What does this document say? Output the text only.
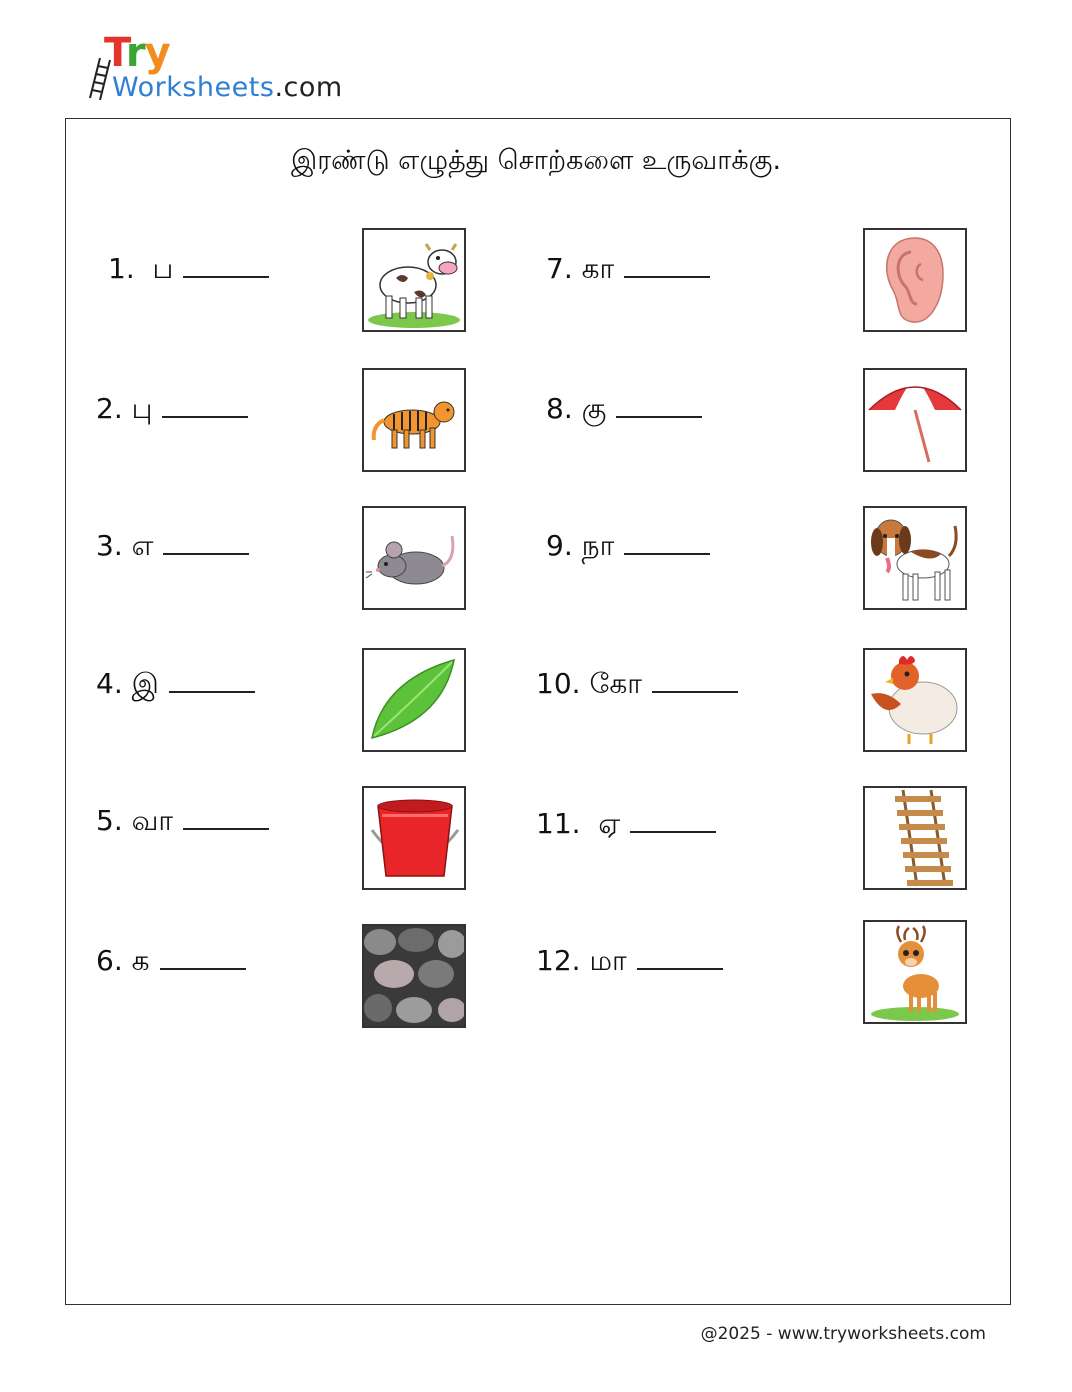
Try
Worksheets.com
இரண்டு எழுத்து சொற்களை உருவாக்கு.
1. ப
2. பு
3. எ
4. இ
5. வா
6. க
7. கா
8. கு
9. நா
10. கோ
11. ஏ
12. மா
@2025 - www.tryworksheets.com
